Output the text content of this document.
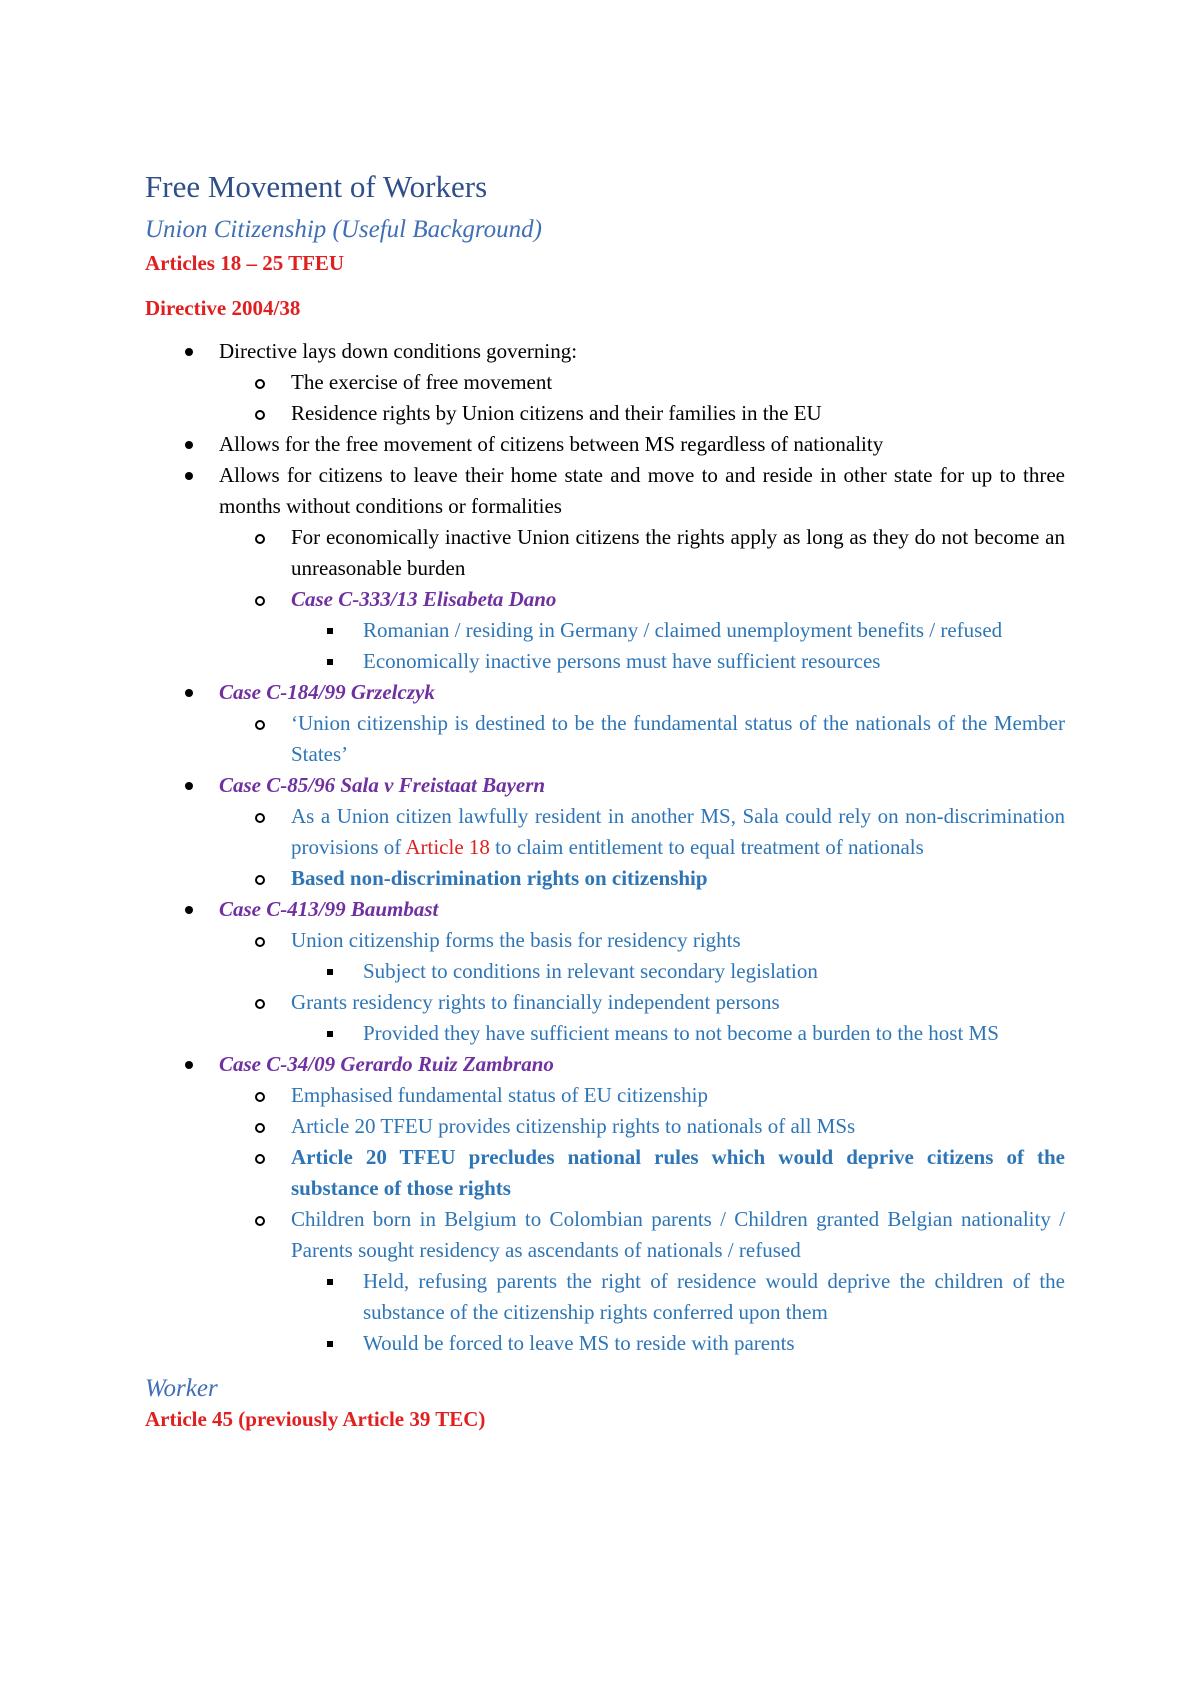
Free Movement of Workers
Union Citizenship (Useful Background)
Articles 18 – 25 TFEU
Directive 2004/38
Directive lays down conditions governing:
The exercise of free movement
Residence rights by Union citizens and their families in the EU
Allows for the free movement of citizens between MS regardless of nationality
Allows for citizens to leave their home state and move to and reside in other state for up to three months without conditions or formalities
For economically inactive Union citizens the rights apply as long as they do not become an unreasonable burden
Case C-333/13 Elisabeta Dano
Romanian / residing in Germany / claimed unemployment benefits / refused
Economically inactive persons must have sufficient resources
Case C-184/99 Grzelczyk
‘Union citizenship is destined to be the fundamental status of the nationals of the Member States’
Case C-85/96 Sala v Freistaat Bayern
As a Union citizen lawfully resident in another MS, Sala could rely on non-discrimination provisions of Article 18 to claim entitlement to equal treatment of nationals
Based non-discrimination rights on citizenship
Case C-413/99 Baumbast
Union citizenship forms the basis for residency rights
Subject to conditions in relevant secondary legislation
Grants residency rights to financially independent persons
Provided they have sufficient means to not become a burden to the host MS
Case C-34/09 Gerardo Ruiz Zambrano
Emphasised fundamental status of EU citizenship
Article 20 TFEU provides citizenship rights to nationals of all MSs
Article 20 TFEU precludes national rules which would deprive citizens of the substance of those rights
Children born in Belgium to Colombian parents / Children granted Belgian nationality / Parents sought residency as ascendants of nationals / refused
Held, refusing parents the right of residence would deprive the children of the substance of the citizenship rights conferred upon them
Would be forced to leave MS to reside with parents
Worker
Article 45 (previously Article 39 TEC)
